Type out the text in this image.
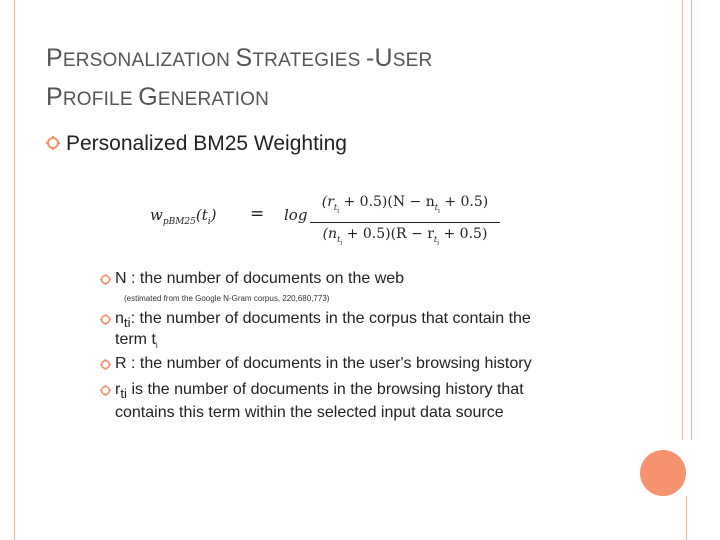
PERSONALIZATION STRATEGIES -USER
PROFILE GENERATION
Personalized BM25 Weighting
$w_{pBM25}(t_i) = \log$
$(r_{t_i} + 0.5)(N - n_{t_i} + 0.5)$
$(n_{t_i} + 0.5)(R - r_{t_i} + 0.5)$
N : the number of documents on the web
(estimated from the Google N-Gram corpus, 220,680,773)
$n_{ti}$: the number of documents in the corpus that contain the
term $t_i$
R : the number of documents in the user's browsing history
$r_{ti}$ is the number of documents in the browsing history that
contains this term within the selected input data source
